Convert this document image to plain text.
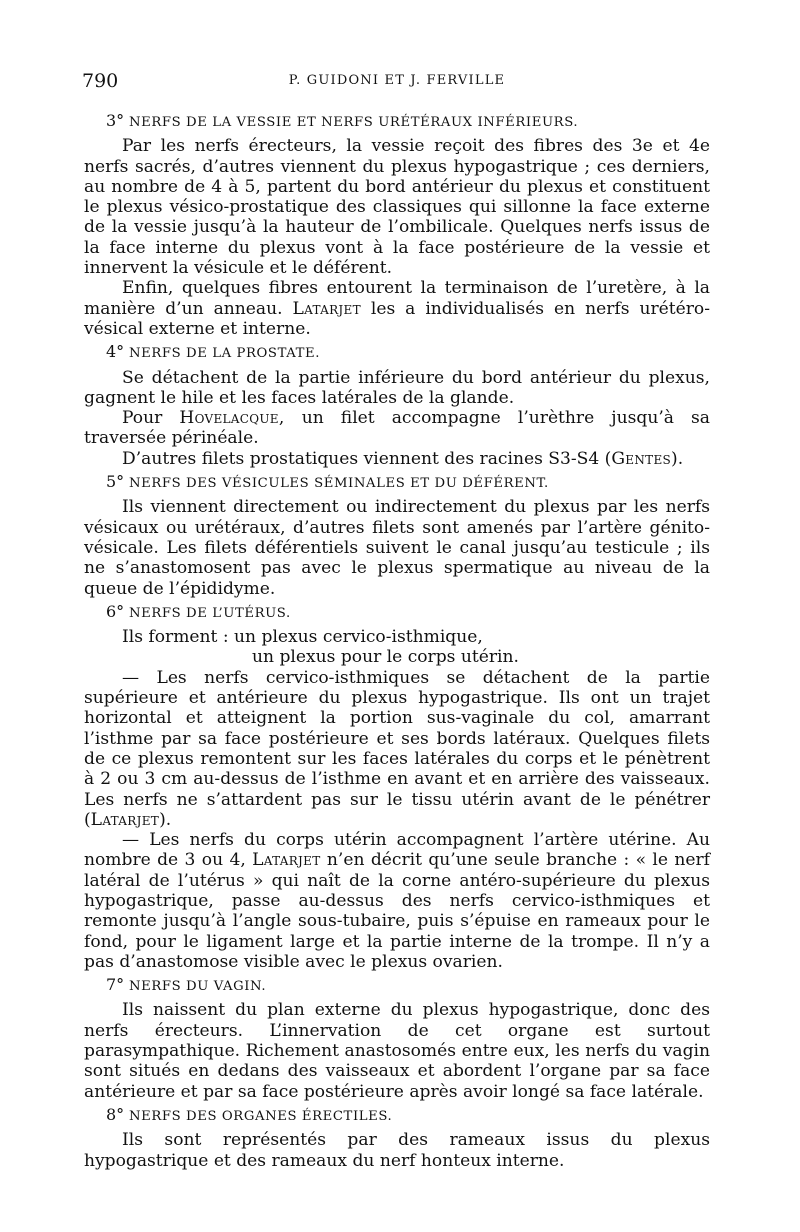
790	P. GUIDONI ET J. FERVILLE
3° NERFS DE LA VESSIE ET NERFS URÉTÉRAUX INFÉRIEURS.

Par les nerfs érecteurs, la vessie reçoit des fibres des 3e et 4e nerfs sacrés, d’autres viennent du plexus hypogastrique ; ces derniers, au nombre de 4 à 5, partent du bord antérieur du plexus et constituent le plexus vésico-prostatique des classiques qui sillonne la face externe de la vessie jusqu’à la hauteur de l’ombilicale. Quelques nerfs issus de la face interne du plexus vont à la face postérieure de la vessie et innervent la vésicule et le déférent.

Enfin, quelques fibres entourent la terminaison de l’uretère, à la manière d’un anneau. Latarjet les a individualisés en nerfs urétéro-vésical externe et interne.

4° NERFS DE LA PROSTATE.

Se détachent de la partie inférieure du bord antérieur du plexus, gagnent le hile et les faces latérales de la glande.

Pour Hovelacque, un filet accompagne l’urèthre jusqu’à sa traversée périnéale.

D’autres filets prostatiques viennent des racines S3-S4 (Gentes).

5° NERFS DES VÉSICULES SÉMINALES ET DU DÉFÉRENT.

Ils viennent directement ou indirectement du plexus par les nerfs vésicaux ou urétéraux, d’autres filets sont amenés par l’artère génito-vésicale. Les filets déférentiels suivent le canal jusqu’au testicule ; ils ne s’anastomosent pas avec le plexus spermatique au niveau de la queue de l’épididyme.

6° NERFS DE L’UTÉRUS.
Ils forment : un plexus cervico-isthmique,
un plexus pour le corps utérin.

— Les nerfs cervico-isthmiques se détachent de la partie supérieure et antérieure du plexus hypogastrique. Ils ont un trajet horizontal et atteignent la portion sus-vaginale du col, amarrant l’isthme par sa face postérieure et ses bords latéraux. Quelques filets de ce plexus remontent sur les faces latérales du corps et le pénètrent à 2 ou 3 cm au-dessus de l’isthme en avant et en arrière des vaisseaux. Les nerfs ne s’attardent pas sur le tissu utérin avant de le pénétrer (Latarjet).

— Les nerfs du corps utérin accompagnent l’artère utérine. Au nombre de 3 ou 4, Latarjet n’en décrit qu’une seule branche : « le nerf latéral de l’utérus » qui naît de la corne antéro-supérieure du plexus hypogastrique, passe au-dessus des nerfs cervico-isthmiques et remonte jusqu’à l’angle sous-tubaire, puis s’épuise en rameaux pour le fond, pour le ligament large et la partie interne de la trompe. Il n’y a pas d’anastomose visible avec le plexus ovarien.

7° NERFS DU VAGIN.

Ils naissent du plan externe du plexus hypogastrique, donc des nerfs érecteurs. L’innervation de cet organe est surtout parasympathique. Richement anastosomés entre eux, les nerfs du vagin sont situés en dedans des vaisseaux et abordent l’organe par sa face antérieure et par sa face postérieure après avoir longé sa face latérale.

8° NERFS DES ORGANES ÉRECTILES.

Ils sont représentés par des rameaux issus du plexus hypogastrique et des rameaux du nerf honteux interne.
